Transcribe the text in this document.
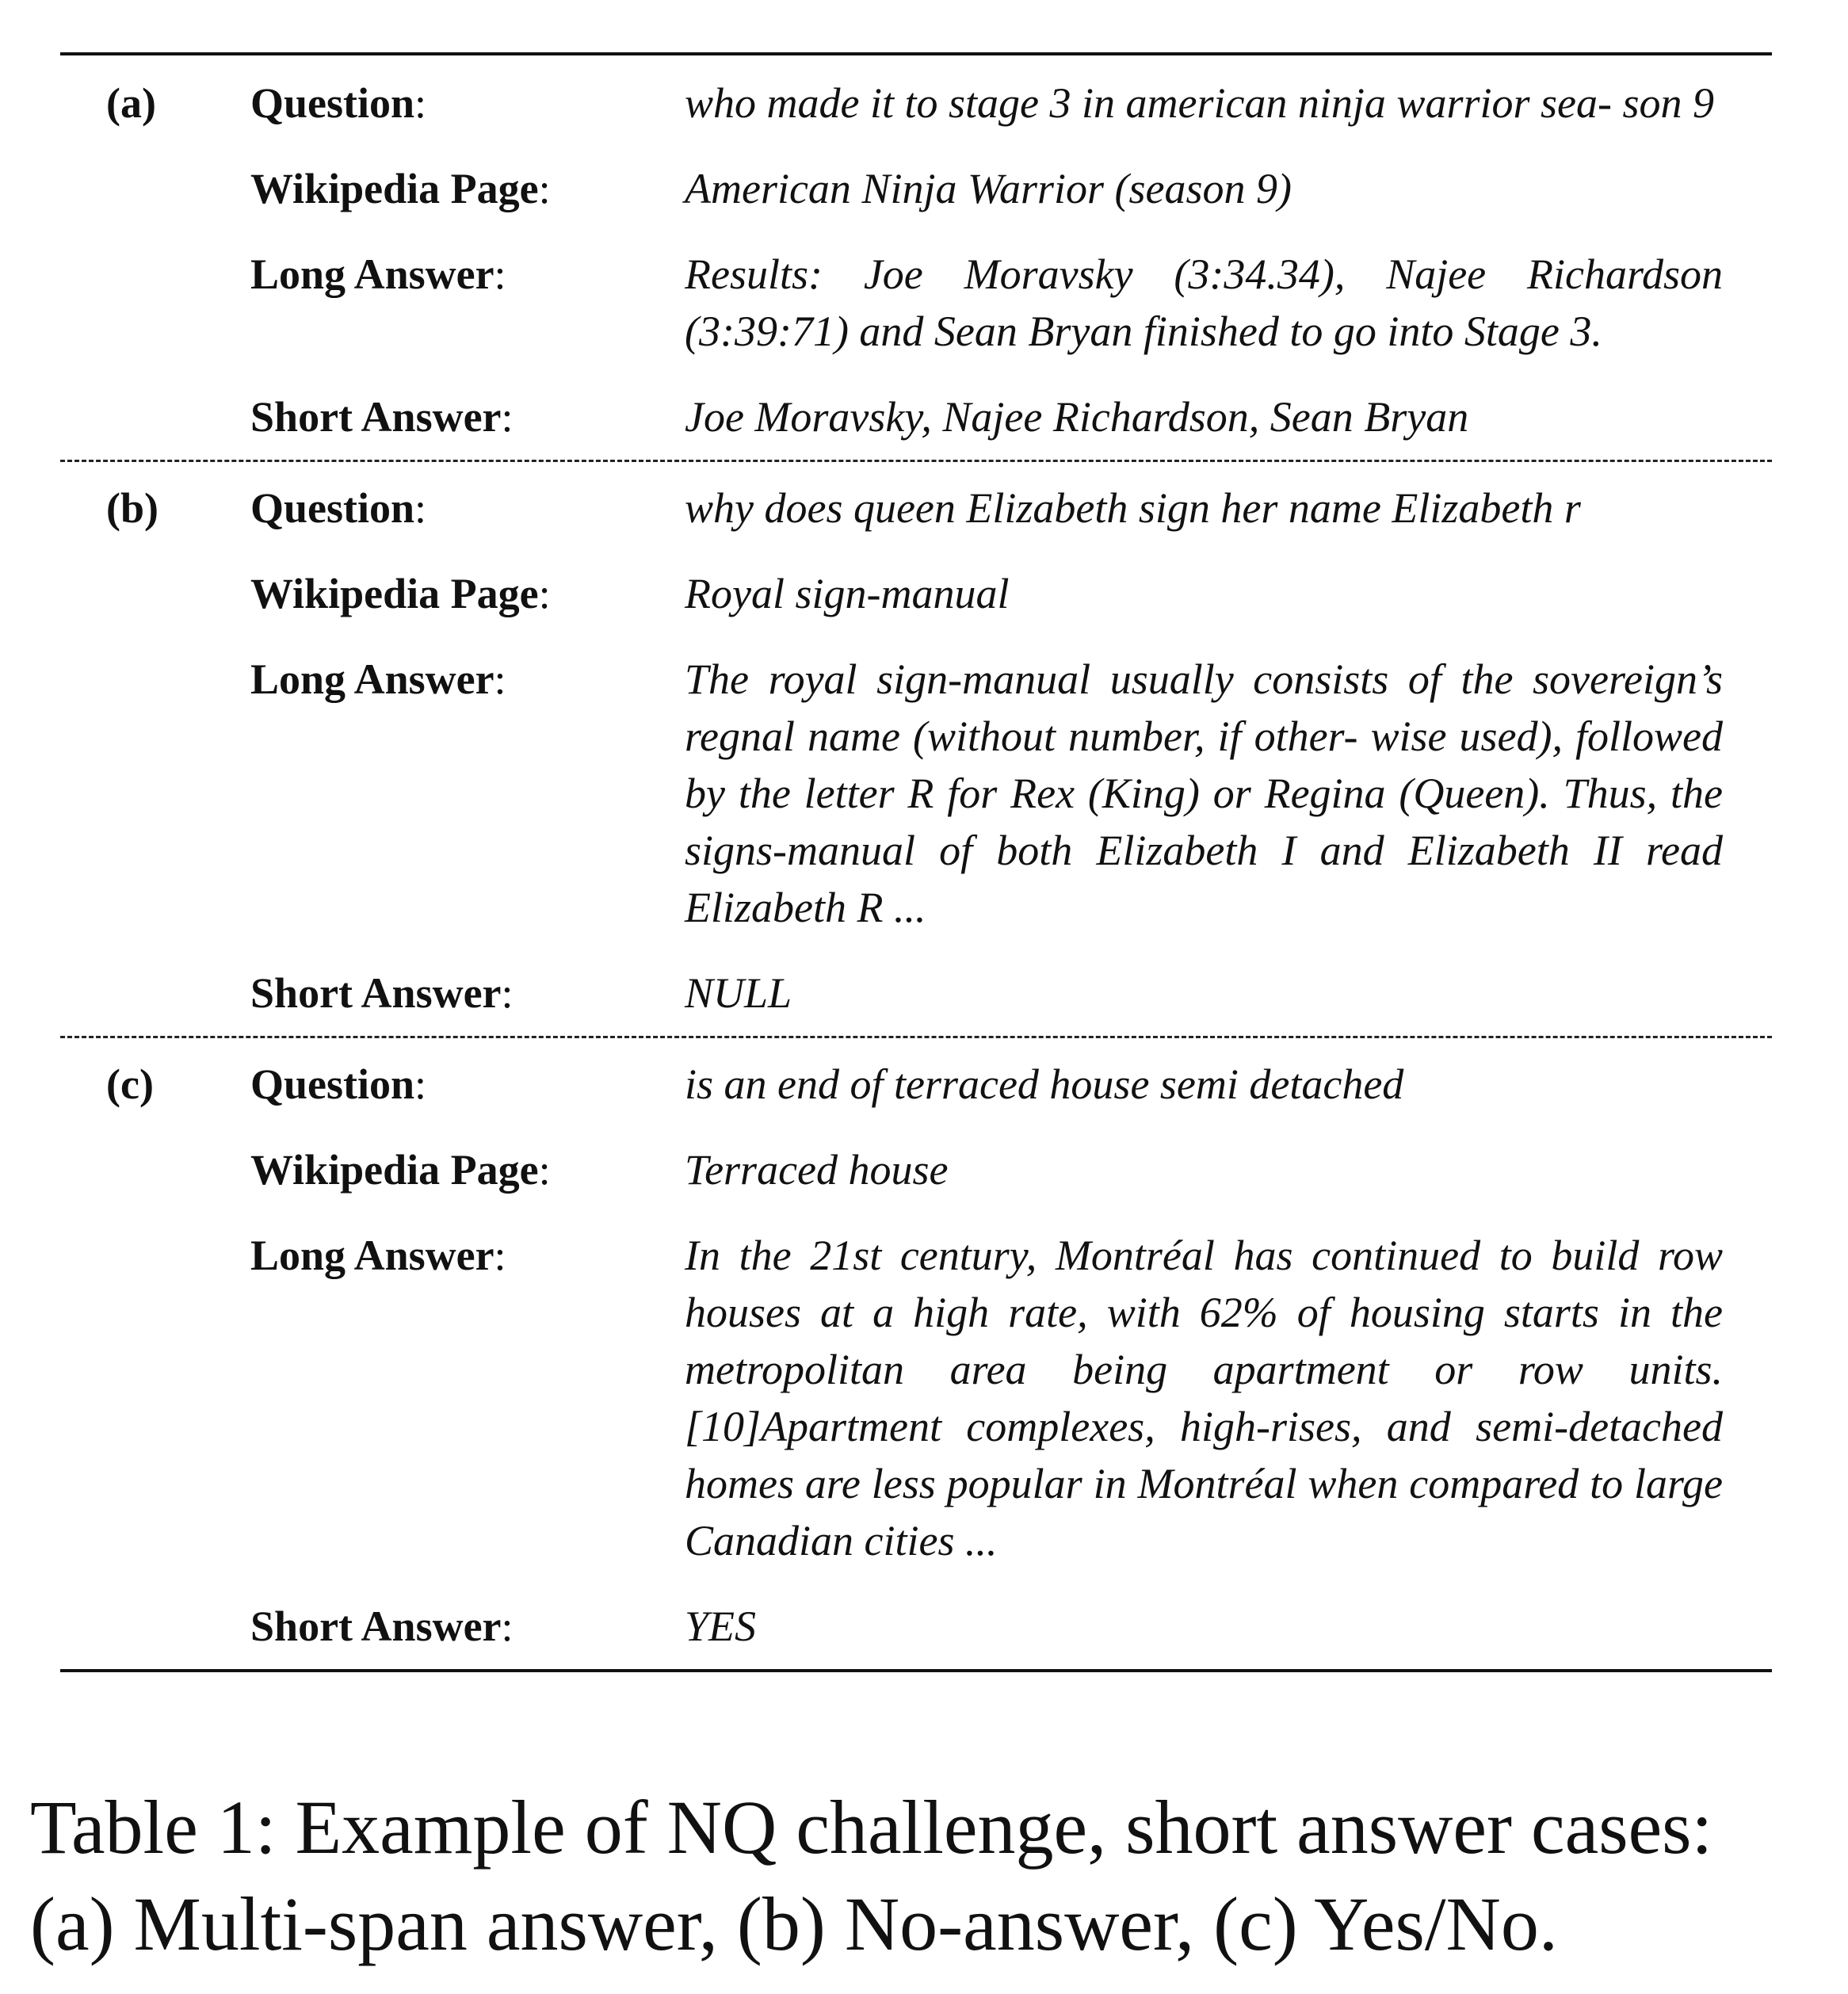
(a)	Question:	who made it to stage 3 in american ninja warrior sea- son 9
Wikipedia Page:	American Ninja Warrior (season 9)
Long Answer:	Results: Joe Moravsky (3:34.34), Najee Richardson (3:39:71) and Sean Bryan finished to go into Stage 3.
Short Answer:	Joe Moravsky, Najee Richardson, Sean Bryan
(b)	Question:	why does queen Elizabeth sign her name Elizabeth r
Wikipedia Page:	Royal sign-manual
Long Answer:	The royal sign-manual usually consists of the sovereign’s regnal name (without number, if other- wise used), followed by the letter R for Rex (King) or Regina (Queen). Thus, the signs-manual of both Elizabeth I and Elizabeth II read Elizabeth R ...
Short Answer:	NULL
(c)	Question:	is an end of terraced house semi detached
Wikipedia Page:	Terraced house
Long Answer:	In the 21st century, Montréal has continued to build row houses at a high rate, with 62% of housing starts in the metropolitan area being apartment or row units.[10]Apartment complexes, high-rises, and semi-detached homes are less popular in Montréal when compared to large Canadian cities ...
Short Answer:	YES
Table 1: Example of NQ challenge, short answer cases:
(a) Multi-span answer, (b) No-answer, (c) Yes/No.
